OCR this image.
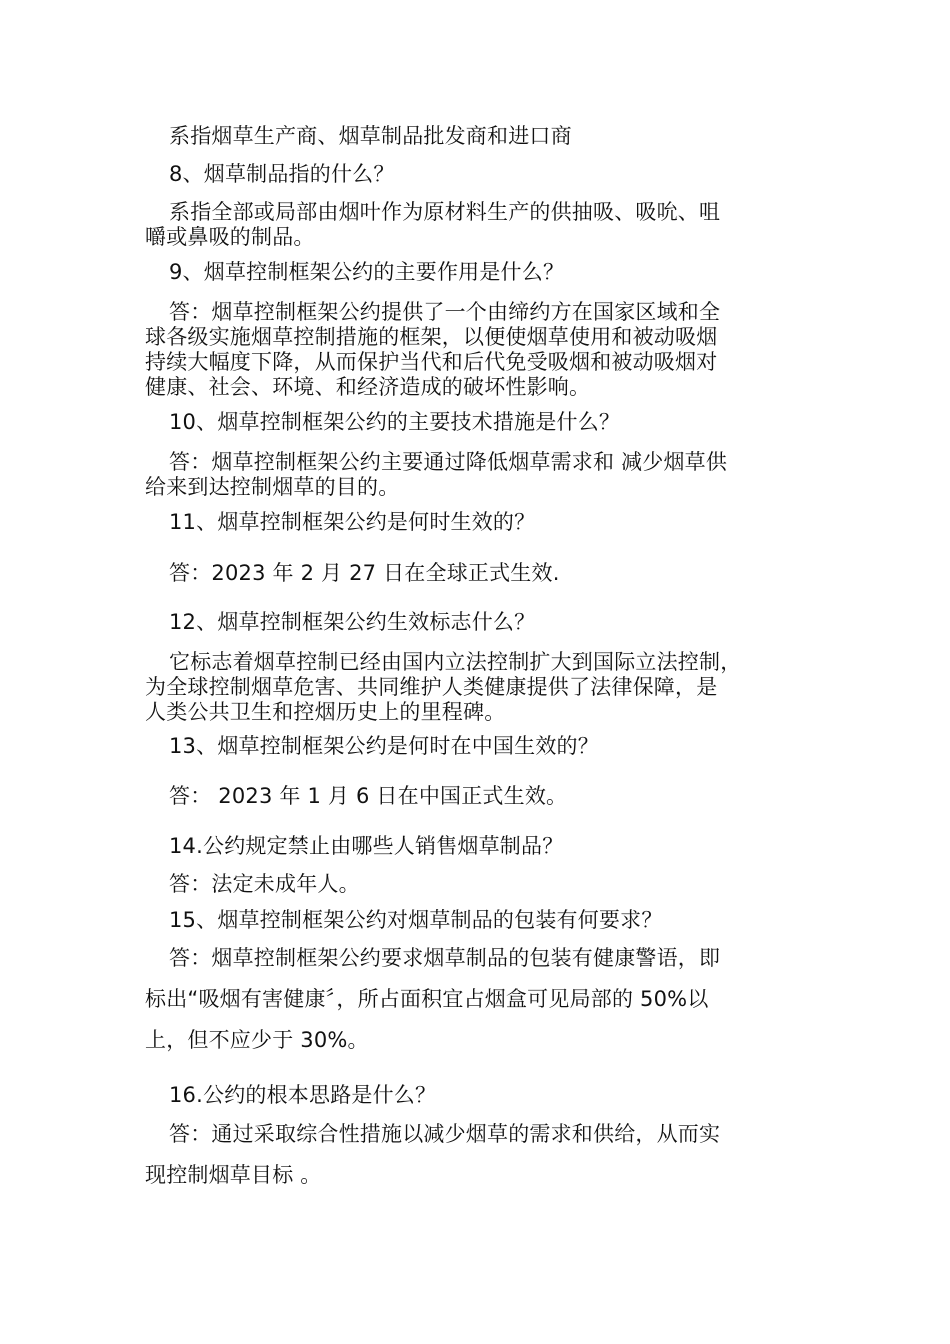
系指烟草生产商、烟草制品批发商和进口商
8、烟草制品指的什么？
系指全部或局部由烟叶作为原材料生产的供抽吸、吸吮、咀
嚼或鼻吸的制品。
9、烟草控制框架公约的主要作用是什么？
答：烟草控制框架公约提供了一个由缔约方在国家区域和全
球各级实施烟草控制措施的框架，以便使烟草使用和被动吸烟
持续大幅度下降，从而保护当代和后代免受吸烟和被动吸烟对
健康、社会、环境、和经济造成的破坏性影响。
10、烟草控制框架公约的主要技术措施是什么？
答：烟草控制框架公约主要通过降低烟草需求和 减少烟草供
给来到达控制烟草的目的。
11、烟草控制框架公约是何时生效的？
答：2023 年 2 月 27 日在全球正式生效.
12、烟草控制框架公约生效标志什么？
它标志着烟草控制已经由国内立法控制扩大到国际立法控制，
为全球控制烟草危害、共同维护人类健康提供了法律保障，是
人类公共卫生和控烟历史上的里程碑。
13、烟草控制框架公约是何时在中国生效的？
答： 2023 年 1 月 6 日在中国正式生效。
14.公约规定禁止由哪些人销售烟草制品？
答：法定未成年人。
15、烟草控制框架公约对烟草制品的包装有何要求？
答：烟草控制框架公约要求烟草制品的包装有健康警语，即
标出“吸烟有害健康〞，所占面积宜占烟盒可见局部的 50%以
上，但不应少于 30%。
16.公约的根本思路是什么？
答：通过采取综合性措施以减少烟草的需求和供给，从而实
现控制烟草目标 。
